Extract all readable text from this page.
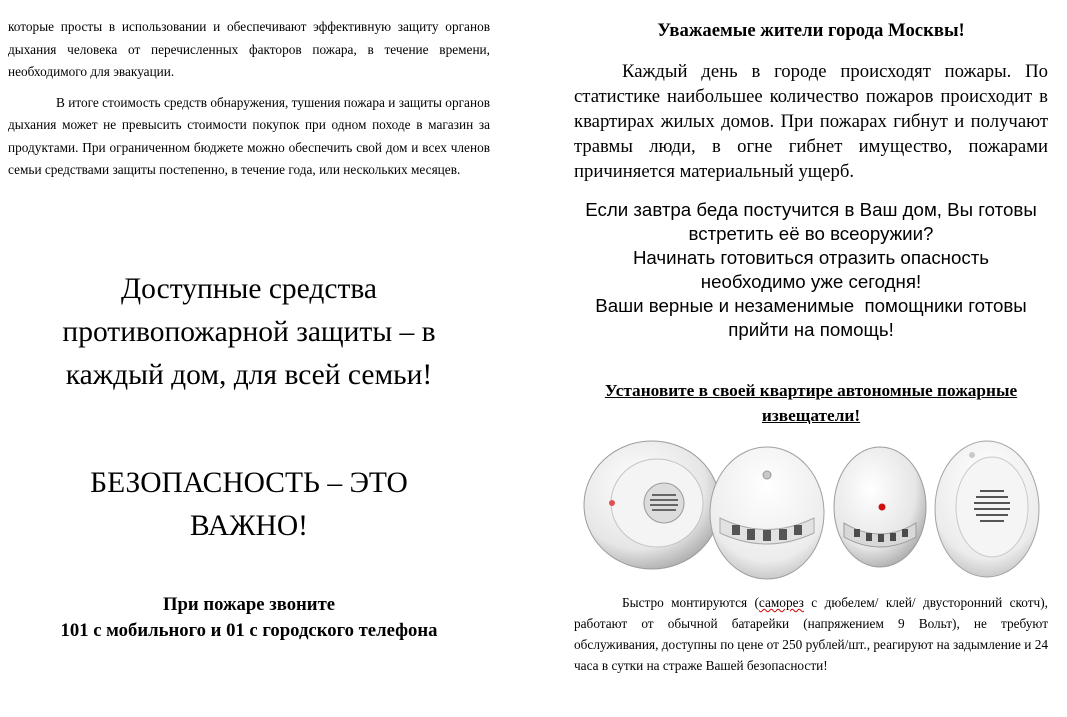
которые просты в использовании и обеспечивают эффективную защиту органов дыхания человека от перечисленных факторов пожара, в течение времени, необходимого для эвакуации.

В итоге стоимость средств обнаружения, тушения пожара и защиты органов дыхания может не превысить стоимости покупок при одном походе в магазин за продуктами. При ограниченном бюджете можно обеспечить свой дом и всех членов семьи средствами защиты постепенно, в течение года, или нескольких месяцев.

Доступные средства
противопожарной защиты – в
каждый дом, для всей семьи!

БЕЗОПАСНОСТЬ – ЭТО
ВАЖНО!

При пожаре звоните
101 с мобильного и 01 с городского телефона

Уважаемые жители города Москвы!

Каждый день в городе происходят пожары. По статистике наибольшее количество пожаров происходит в квартирах жилых домов. При пожарах гибнут и получают травмы люди, в огне гибнет имущество, пожарами причиняется материальный ущерб.

Если завтра беда постучится в Ваш дом, Вы готовы
встретить её во всеоружии?
Начинать готовиться отразить опасность
необходимо уже сегодня!
Ваши верные и незаменимые  помощники готовы
прийти на помощь!

Установите в своей квартире автономные пожарные
извещатели!

Быстро монтируются (саморез с дюбелем/ клей/ двусторонний скотч), работают от обычной батарейки (напряжением 9 Вольт), не требуют обслуживания, доступны по цене от 250 рублей/шт., реагируют на задымление и 24 часа в сутки на страже Вашей безопасности!
